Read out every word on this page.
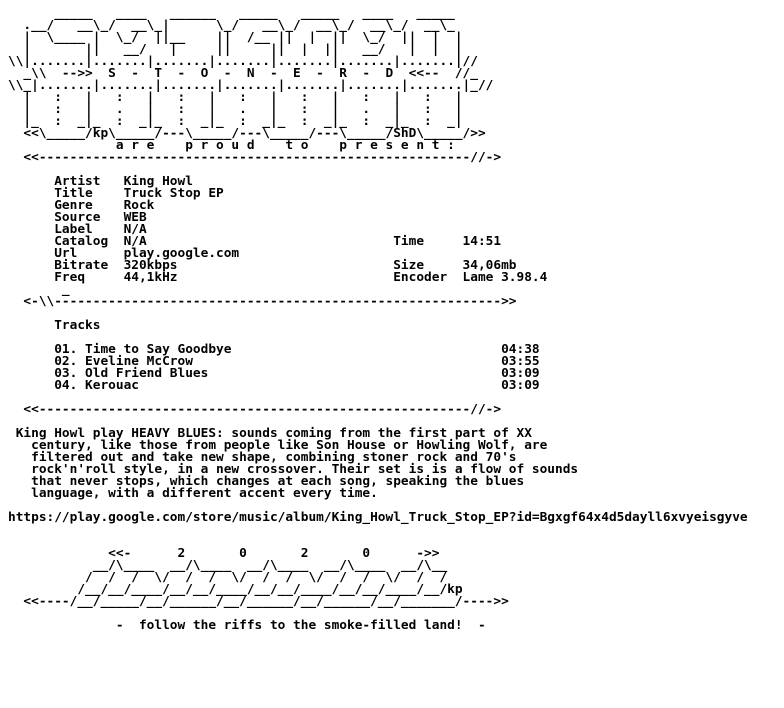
_____   ____   ______   _____   _____   ____   _____
.__/   __\_/  __\_|      \_/   __\_/  __\_/  __\_/  __\_
|  \____ |  \_/  ||__    ||  /__ ||  |  ||  \_/  ||  |  |
|       ||   __/   |     ||     ||  |  ||   __/   |  |  |
\\|.......|.......|.......|.......|.......|.......|.......|//
_\\  -->>  S  -  T  -  O  -  N  -  E  -  R  -  D  <<--  //_
\\_|.......|.......|.......|.......|.......|.......|.......|_//
|   :   |   :   |   :   |   :   |   :   |   :   |   :   |
|   :   |   .   |   :   |   .   |   :   |   .   |   :   |
|_  :  _|_  :  _|_  :  _|_  :  _|_  :  _|_  :  _|_  :  _|
<<\_____/kp\_____/---\_____/---\_____/---\_____/ShD\_____/>>
a r e    p r o u d    t o    p r e s e n t :
<<--------------------------------------------------------//->
Artist   King Howl
Title    Truck Stop EP
Genre    Rock
Source   WEB
Label    N/A
Catalog  N/A                                Time     14:51
Url      play.google.com
Bitrate  320kbps                            Size     34,06mb
Freq     44,1kHz                            Encoder  Lame 3.98.4
_
<-\\---------------------------------------------------------->>
Tracks
01. Time to Say Goodbye                                   04:38
02. Eveline McCrow                                        03:55
03. Old Friend Blues                                      03:09
04. Kerouac                                               03:09
<<--------------------------------------------------------//->
King Howl play HEAVY BLUES: sounds coming from the first part of XX
century, like those from people like Son House or Howling Wolf, are
filtered out and take new shape, combining stoner rock and 70's
rock'n'roll style, in a new crossover. Their set is is a flow of sounds
that never stops, which changes at each song, speaking the blues
language, with a different accent every time.
https://play.google.com/store/music/album/King_Howl_Truck_Stop_EP?id=Bgxgf64x4d5dayll6xvyeisgyve
<<-      2       0       2       0      ->>
__/\____  __/\____  __/\____  __/\____  __/\__
/  /  /  \/  /  /  \/  /  /  \/  /  /  \/  /  /
/__/__/____/__/__/____/__/__/____/__/__/____/__/kp
<<----/__/_____/__/______/__/______/__/______/__/_______/---->>
-  follow the riffs to the smoke-filled land!  -
